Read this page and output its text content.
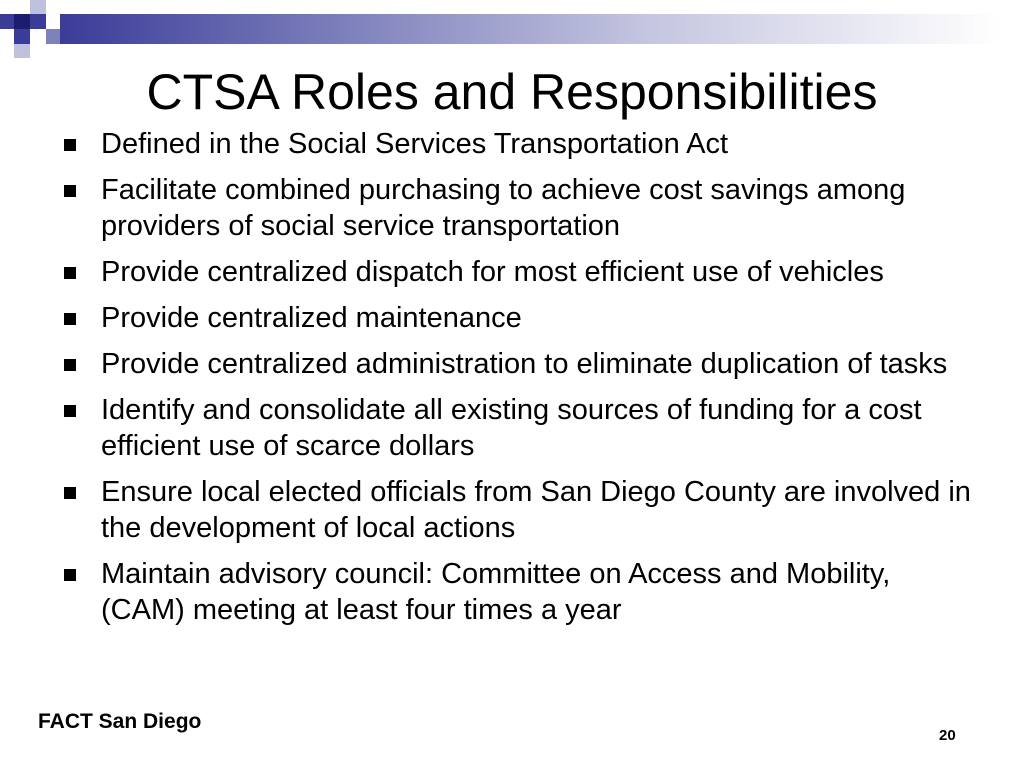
CTSA Roles and Responsibilities
Defined in the Social Services Transportation Act
Facilitate combined purchasing to achieve cost savings among providers of social service transportation
Provide centralized dispatch for most efficient use of vehicles
Provide centralized maintenance
Provide centralized administration to eliminate duplication of tasks
Identify and consolidate all existing sources of funding for a cost efficient use of scarce dollars
Ensure local elected officials from San Diego County are involved in the development of local actions
Maintain advisory council: Committee on Access and Mobility, (CAM) meeting at least four times a year
FACT San Diego
20
